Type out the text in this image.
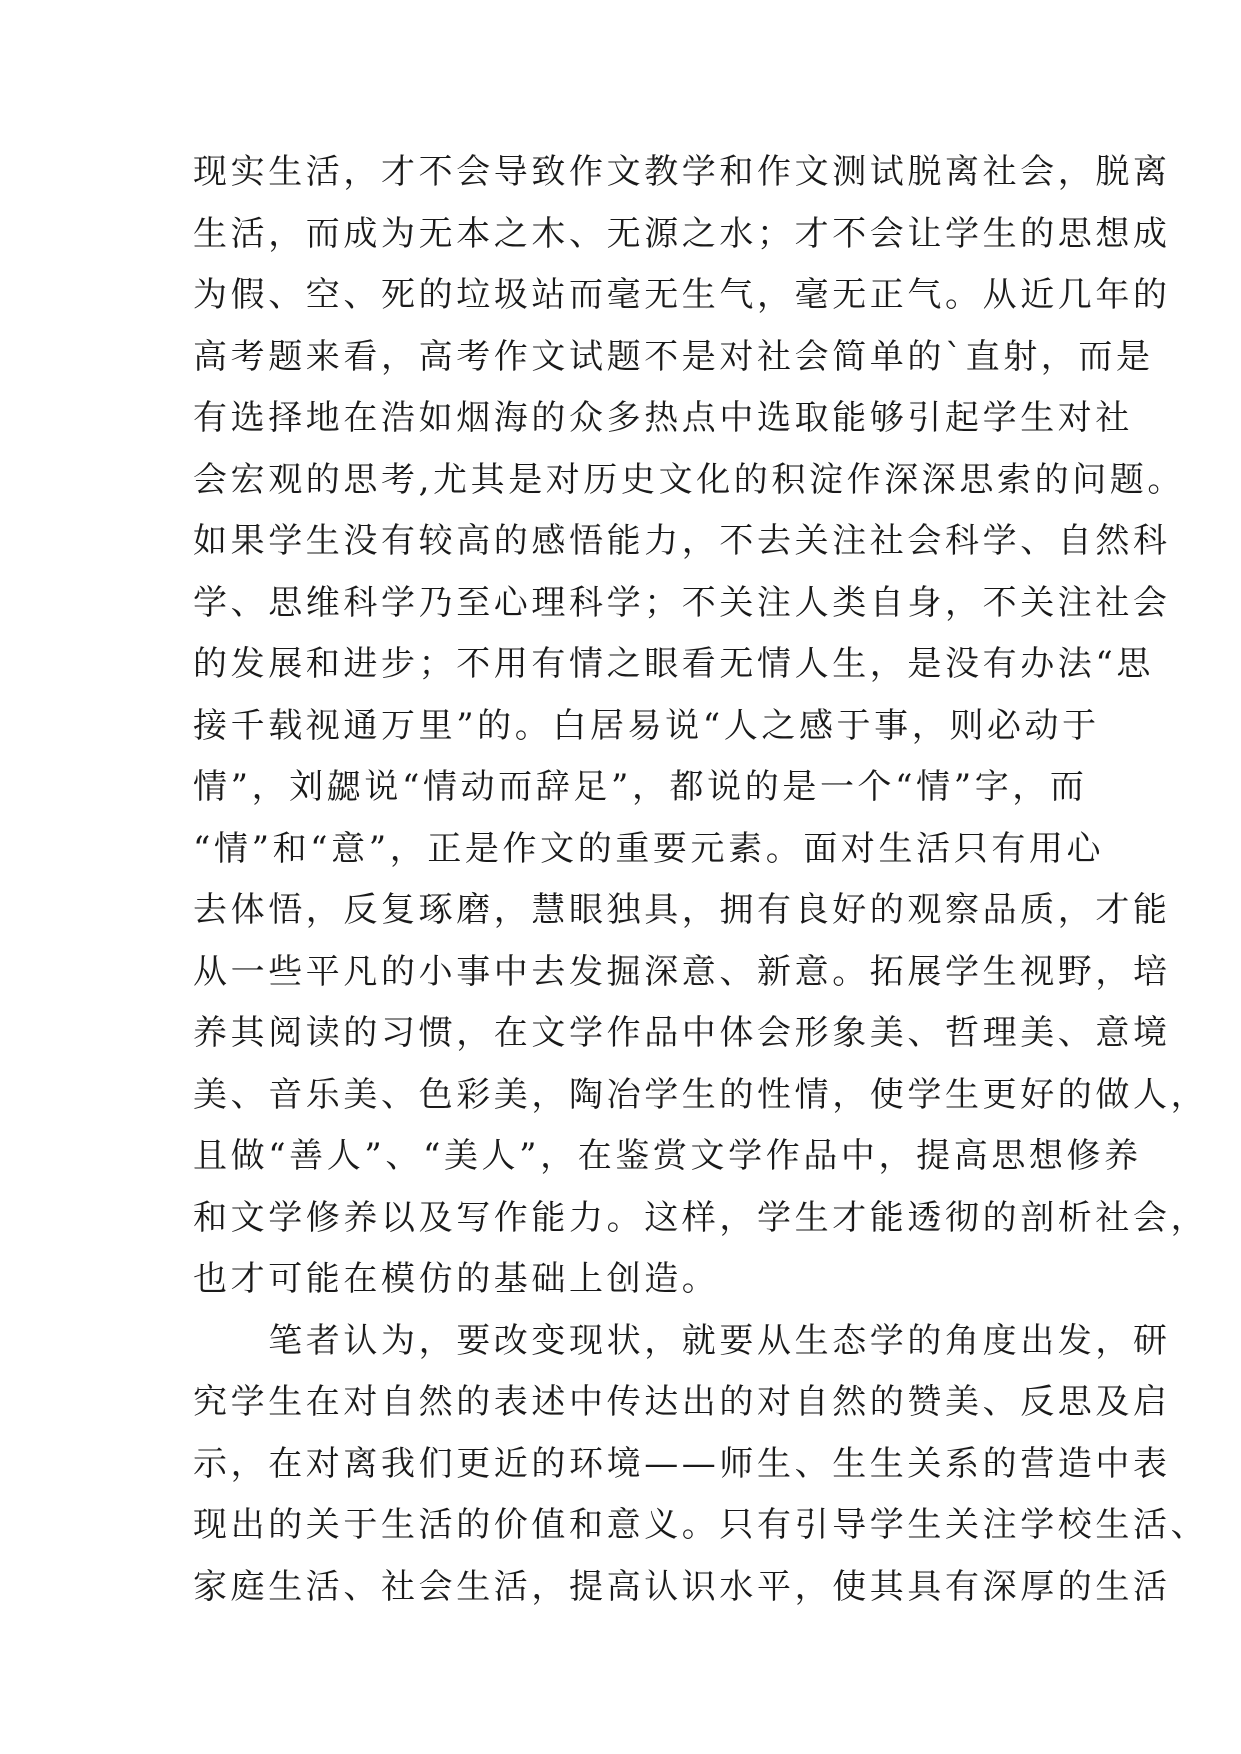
现实生活，才不会导致作文教学和作文测试脱离社会，脱离
生活，而成为无本之木、无源之水；才不会让学生的思想成
为假、空、死的垃圾站而毫无生气，毫无正气。从近几年的
高考题来看，高考作文试题不是对社会简单的`直射，而是
有选择地在浩如烟海的众多热点中选取能够引起学生对社
会宏观的思考,尤其是对历史文化的积淀作深深思索的问题。
如果学生没有较高的感悟能力，不去关注社会科学、自然科
学、思维科学乃至心理科学；不关注人类自身，不关注社会
的发展和进步；不用有情之眼看无情人生，是没有办法“思
接千载视通万里”的。白居易说“人之感于事，则必动于
情”，刘勰说“情动而辞足”，都说的是一个“情”字，而
“情”和“意”，正是作文的重要元素。面对生活只有用心
去体悟，反复琢磨，慧眼独具，拥有良好的观察品质，才能
从一些平凡的小事中去发掘深意、新意。拓展学生视野，培
养其阅读的习惯，在文学作品中体会形象美、哲理美、意境
美、音乐美、色彩美，陶冶学生的性情，使学生更好的做人，
且做“善人”、“美人”，在鉴赏文学作品中，提高思想修养
和文学修养以及写作能力。这样，学生才能透彻的剖析社会，
也才可能在模仿的基础上创造。
　　笔者认为，要改变现状，就要从生态学的角度出发，研
究学生在对自然的表述中传达出的对自然的赞美、反思及启
示，在对离我们更近的环境——师生、生生关系的营造中表
现出的关于生活的价值和意义。只有引导学生关注学校生活、
家庭生活、社会生活，提高认识水平，使其具有深厚的生活
